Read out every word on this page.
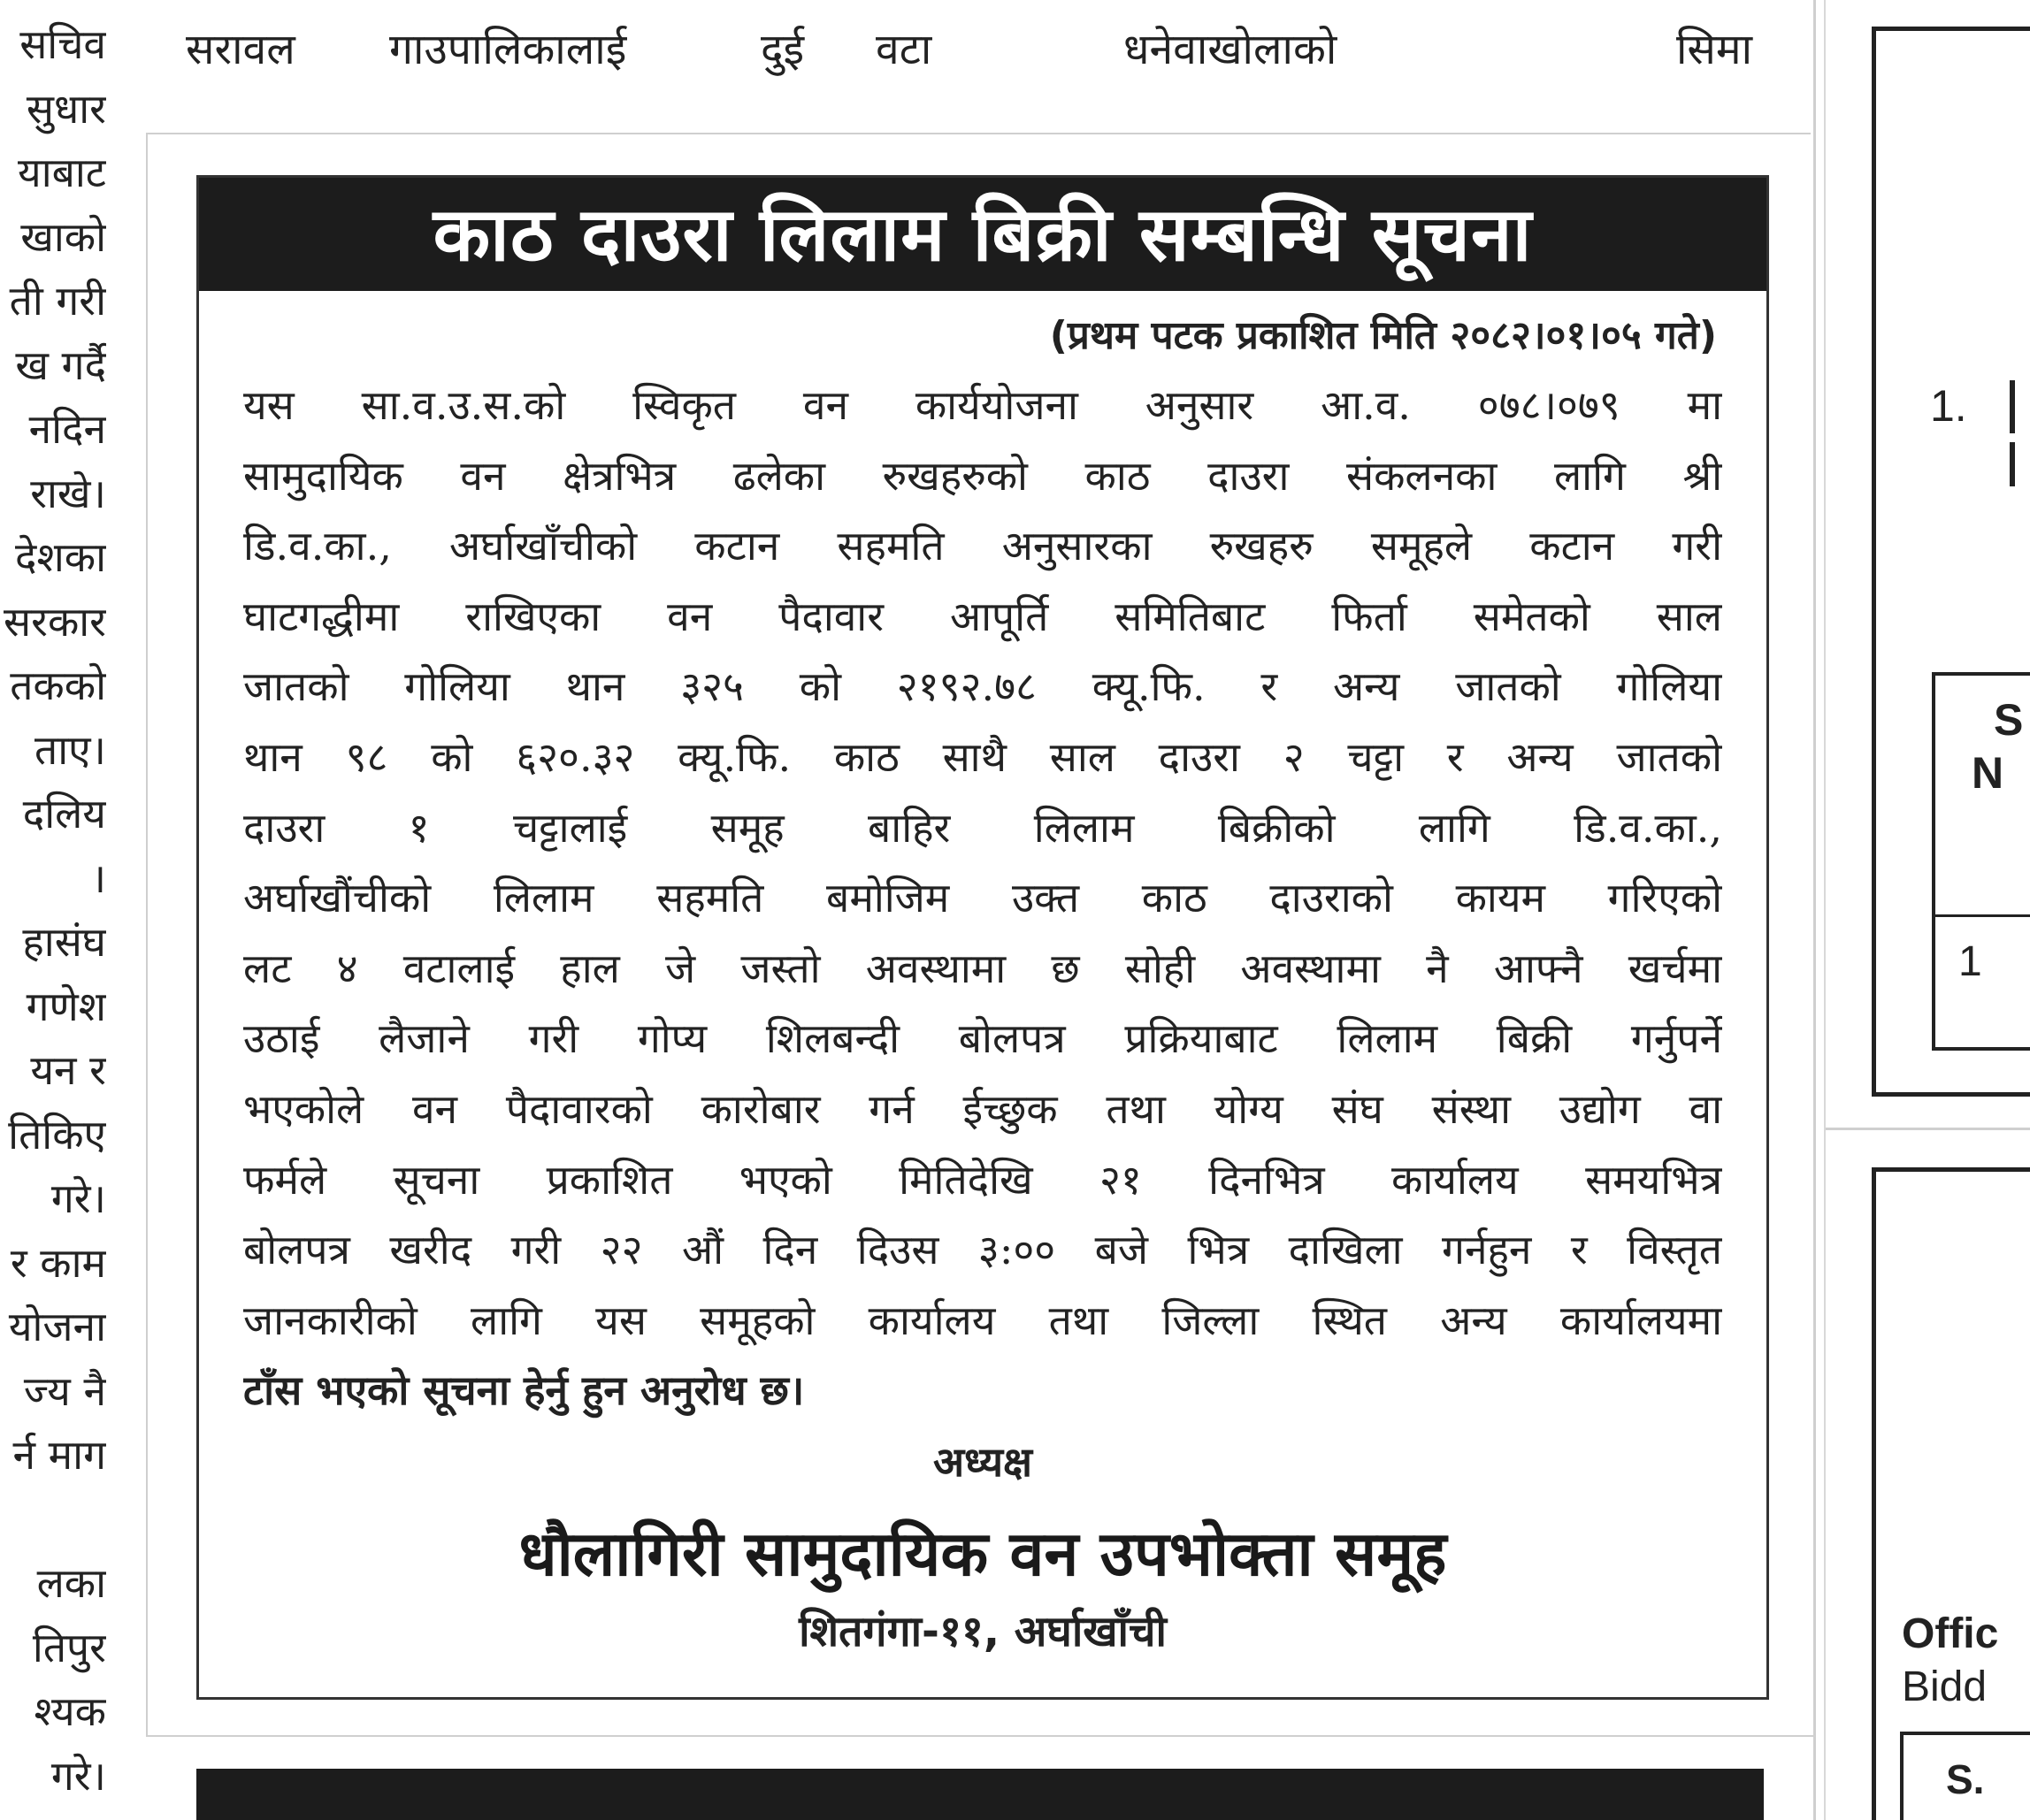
सचिव
सुधार
याबाट
खाको
ती गरी
ख गर्दै
नदिन
राखे।
देशका
सरकार
तकको
ताए।
दलिय
।
हासंघ
गणेश
यन र
तिकिए
गरे।
र काम
योजना
ज्य नै
र्न माग
लका
तिपुर
श्यक
गरे।
सरावल गाउपालिकालाई	दुई वटा	धनेवाखोलाको	सिमा
काठ दाउरा लिलाम बिक्री सम्बन्धि सूचना
(प्रथम पटक प्रकाशित मिति २०८२।०१।०५ गते)
यस सा.व.उ.स.को स्विकृत वन कार्ययोजना अनुसार आ.व. ०७८।०७९ मा
सामुदायिक वन क्षेत्रभित्र ढलेका रुखहरुको काठ दाउरा संकलनका लागि श्री
डि.व.का., अर्घाखाँचीको कटान सहमति अनुसारका रुखहरु समूहले कटान गरी
घाटगद्धीमा राखिएका वन पैदावार आपूर्ति समितिबाट फिर्ता समेतको साल
जातको गोलिया थान ३२५ को २१९२.७८ क्यू.फि. र अन्य जातको गोलिया
थान ९८ को ६२०.३२ क्यू.फि. काठ साथै साल दाउरा २ चट्टा र अन्य जातको
दाउरा १ चट्टालाई समूह बाहिर लिलाम बिक्रीको लागि डि.व.का.,
अर्घाखौंचीको लिलाम सहमति बमोजिम उक्त काठ दाउराको कायम गरिएको
लट ४ वटालाई हाल जे जस्तो अवस्थामा छ सोही अवस्थामा नै आफ्नै खर्चमा
उठाई लैजाने गरी गोप्य शिलबन्दी बोलपत्र प्रक्रियाबाट लिलाम बिक्री गर्नुपर्ने
भएकोले वन पैदावारको कारोबार गर्न ईच्छुक तथा योग्य संघ संस्था उद्योग वा
फर्मले सूचना प्रकाशित भएको मितिदेखि २१ दिनभित्र कार्यालय समयभित्र
बोलपत्र खरीद गरी २२ औं दिन दिउस ३:०० बजे भित्र दाखिला गर्नहुन र विस्तृत
जानकारीको लागि यस समूहको कार्यालय तथा जिल्ला स्थित अन्य कार्यालयमा
टाँस भएको सूचना हेर्नु हुन अनुरोध छ।
अध्यक्ष
धौलागिरी सामुदायिक वन उपभोक्ता समूह
शितगंगा-११, अर्घाखाँची
1.
S
N
1
Offic
Bidd
S.
